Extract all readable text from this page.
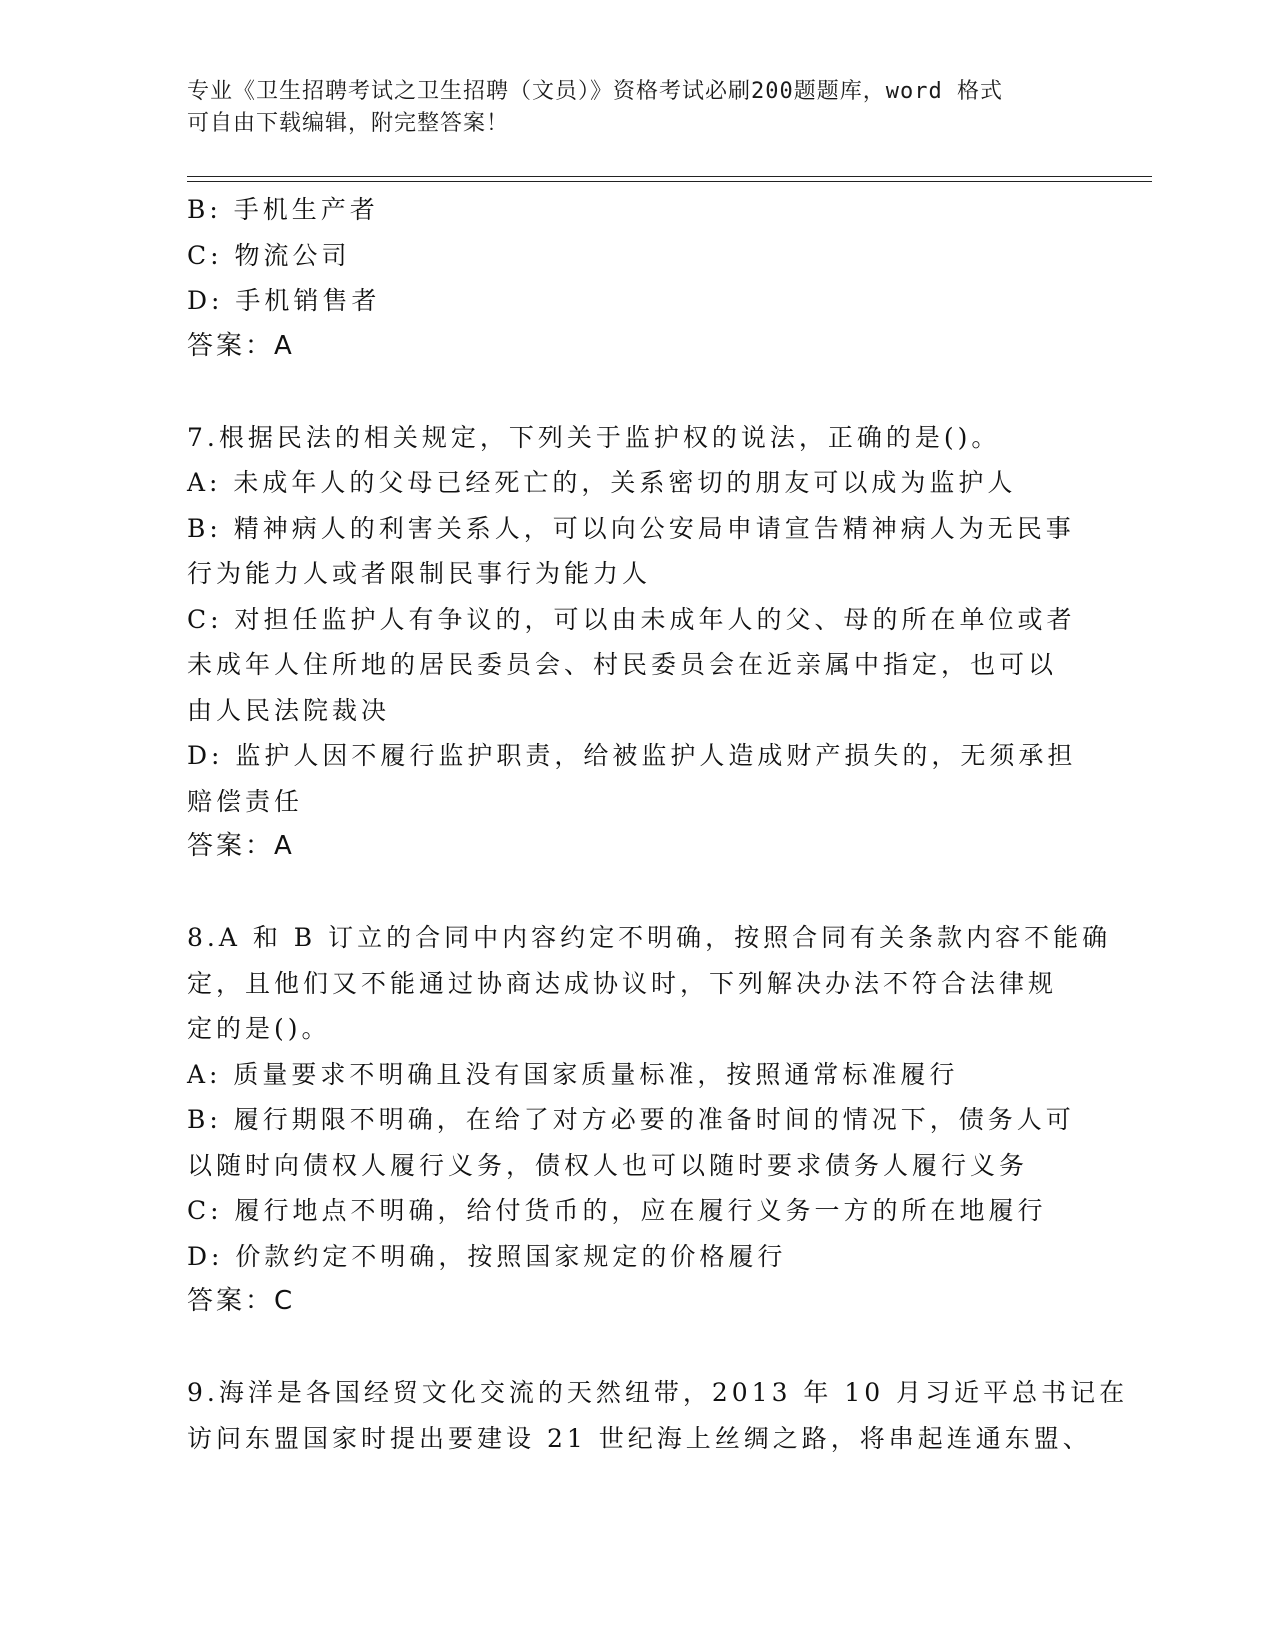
专业《卫生招聘考试之卫生招聘（文员）》资格考试必刷200题题库，word 格式
可自由下载编辑，附完整答案！
B: 手机生产者
C: 物流公司
D: 手机销售者
答案：A
7.根据民法的相关规定，下列关于监护权的说法，正确的是()。
A: 未成年人的父母已经死亡的，关系密切的朋友可以成为监护人
B: 精神病人的利害关系人，可以向公安局申请宣告精神病人为无民事
行为能力人或者限制民事行为能力人
C: 对担任监护人有争议的，可以由未成年人的父、母的所在单位或者
未成年人住所地的居民委员会、村民委员会在近亲属中指定，也可以
由人民法院裁决
D: 监护人因不履行监护职责，给被监护人造成财产损失的，无须承担
赔偿责任
答案：A
8.A 和 B 订立的合同中内容约定不明确，按照合同有关条款内容不能确
定，且他们又不能通过协商达成协议时，下列解决办法不符合法律规
定的是()。
A: 质量要求不明确且没有国家质量标准，按照通常标准履行
B: 履行期限不明确，在给了对方必要的准备时间的情况下，债务人可
以随时向债权人履行义务，债权人也可以随时要求债务人履行义务
C: 履行地点不明确，给付货币的，应在履行义务一方的所在地履行
D: 价款约定不明确，按照国家规定的价格履行
答案：C
9.海洋是各国经贸文化交流的天然纽带，2013 年 10 月习近平总书记在
访问东盟国家时提出要建设 21 世纪海上丝绸之路，将串起连通东盟、
